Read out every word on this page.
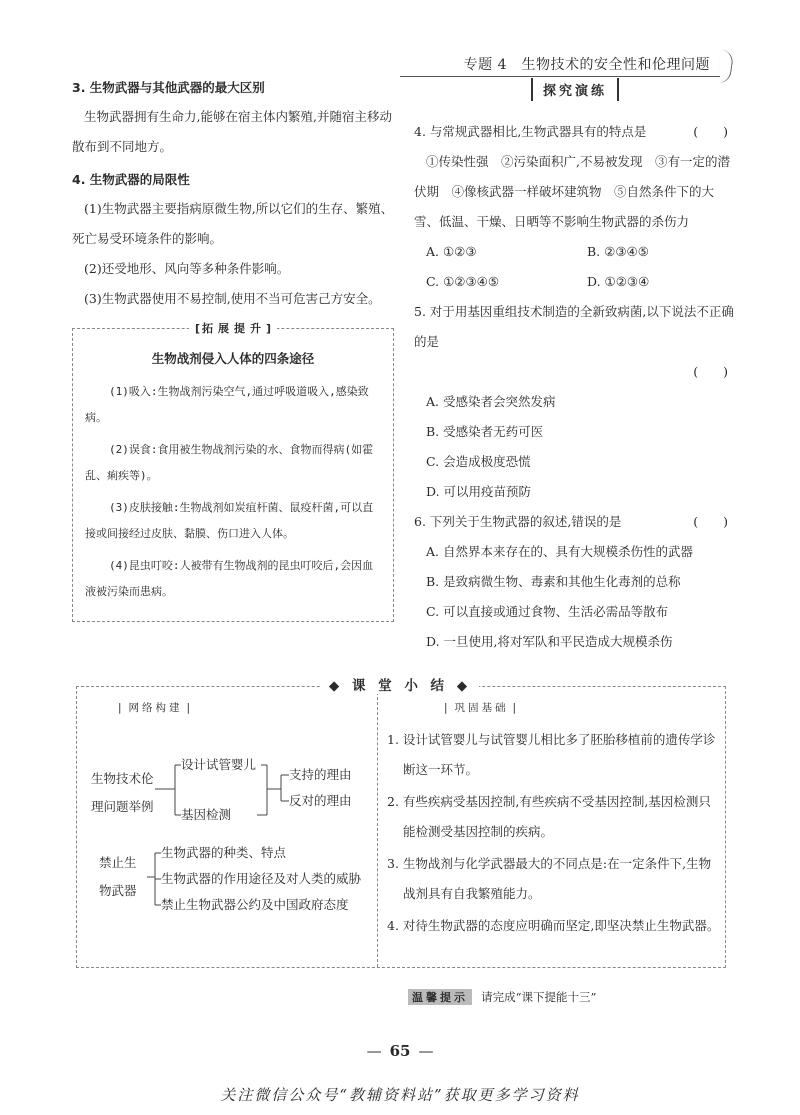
专题 4　生物技术的安全性和伦理问题

3. 生物武器与其他武器的最大区别

生物武器拥有生命力,能够在宿主体内繁殖,并随宿主移动散布到不同地方。

4. 生物武器的局限性

(1)生物武器主要指病原微生物,所以它们的生存、繁殖、死亡易受环境条件的影响。

(2)还受地形、风向等多种条件影响。

(3)生物武器使用不易控制,使用不当可危害己方安全。

[ 拓展提升 ]

生物战剂侵入人体的四条途径

(1)吸入:生物战剂污染空气,通过呼吸道吸入,感染致病。

(2)误食:食用被生物战剂污染的水、食物而得病(如霍乱、痢疾等)。

(3)皮肤接触:生物战剂如炭疽杆菌、鼠疫杆菌,可以直接或间接经过皮肤、黏膜、伤口进入人体。

(4)昆虫叮咬:人被带有生物战剂的昆虫叮咬后,会因血液被污染而患病。

探究演练

4. 与常规武器相比,生物武器具有的特点是	(　　)

①传染性强　②污染面积广,不易被发现　③有一定的潜伏期　④像核武器一样破坏建筑物　⑤自然条件下的大雪、低温、干燥、日晒等不影响生物武器的杀伤力

A. ①②③	B. ②③④⑤

C. ①②③④⑤	D. ①②③④

5. 对于用基因重组技术制造的全新致病菌,以下说法不正确的是

(　　)

A. 受感染者会突然发病

B. 受感染者无药可医

C. 会造成极度恐慌

D. 可以用疫苗预防

6. 下列关于生物武器的叙述,错误的是	(　　)

A. 自然界本来存在的、具有大规模杀伤性的武器

B. 是致病微生物、毒素和其他生化毒剂的总称

C. 可以直接或通过食物、生活必需品等散布

D. 一旦使用,将对军队和平民造成大规模杀伤

生物技术伦
理问题举例
设计试管婴儿
基因检测
支持的理由
反对的理由
禁止生
物武器
生物武器的种类、特点
生物武器的作用途径及对人类的威胁
禁止生物武器公约及中国政府态度

1. 设计试管婴儿与试管婴儿相比多了胚胎移植前的遗传学诊断这一环节。

2. 有些疾病受基因控制,有些疾病不受基因控制,基因检测只能检测受基因控制的疾病。

3. 生物战剂与化学武器最大的不同点是:在一定条件下,生物战剂具有自我繁殖能力。

4. 对待生物武器的态度应明确而坚定,即坚决禁止生物武器。

◆ 课 堂 小 结 ◆
| 网络构建 |
|	巩固基础 |
温馨提示 请完成“课下提能十三”
— 65 —
关注微信公众号“教辅资料站”获取更多学习资料
